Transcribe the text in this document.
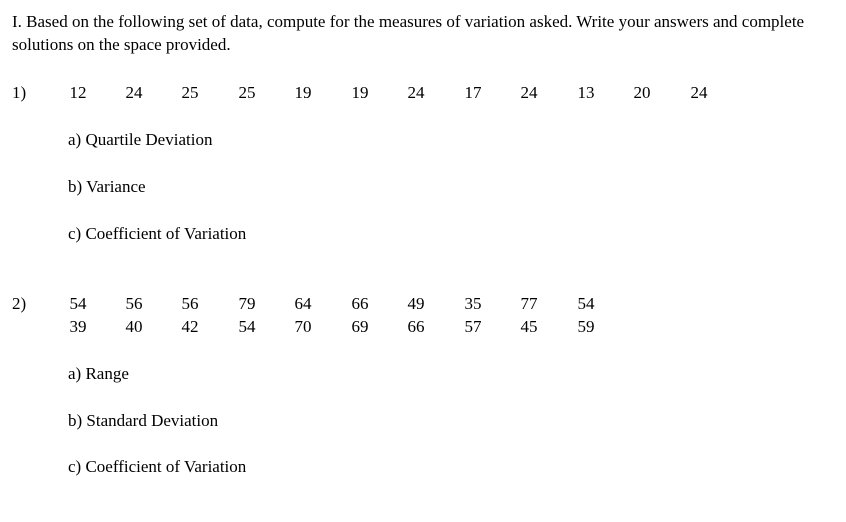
I. Based on the following set of data, compute for the measures of variation asked. Write your answers and complete solutions on the space provided.

1)	12	24	25	25	19	19	24	17	24	13	20	24
a) Quartile Deviation
b) Variance
c) Coefficient of Variation
2)	54	56	56	79	64	66	49	35	77	54
39	40	42	54	70	69	66	57	45	59
a) Range
b) Standard Deviation
c) Coefficient of Variation
